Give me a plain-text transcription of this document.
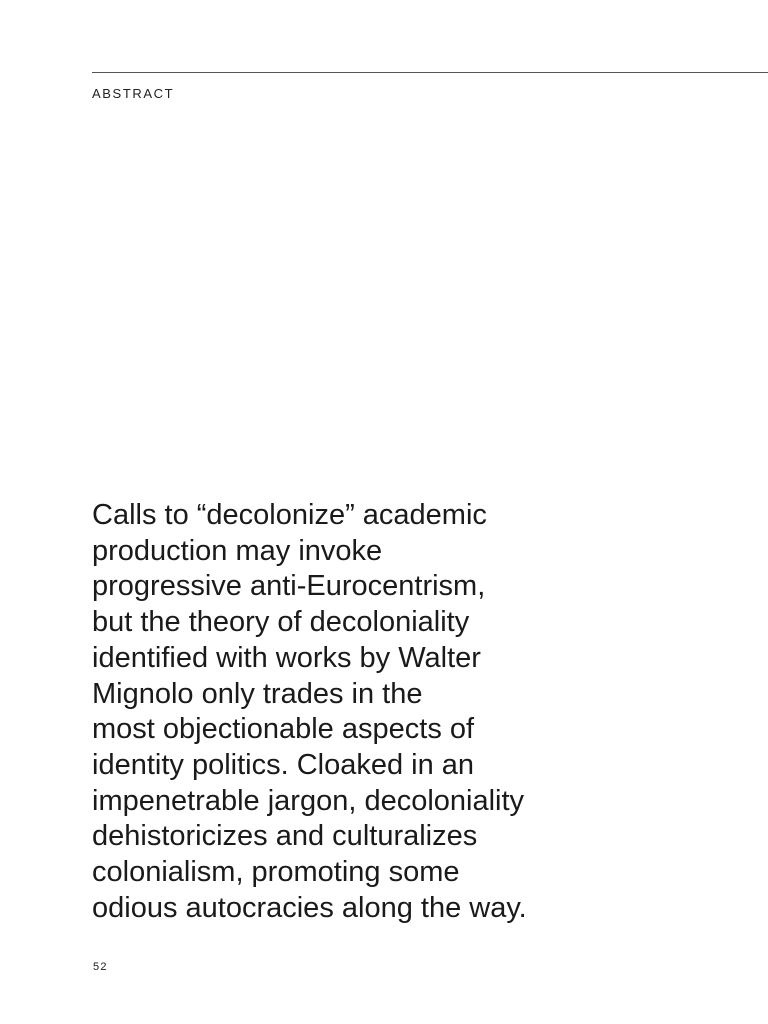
ABSTRACT

Calls to “decolonize” academic
production may invoke
progressive anti-Eurocentrism,
but the theory of decoloniality
identified with works by Walter
Mignolo only trades in the
most objectionable aspects of
identity politics. Cloaked in an
impenetrable jargon, decoloniality
dehistoricizes and culturalizes
colonialism, promoting some
odious autocracies along the way.

52
